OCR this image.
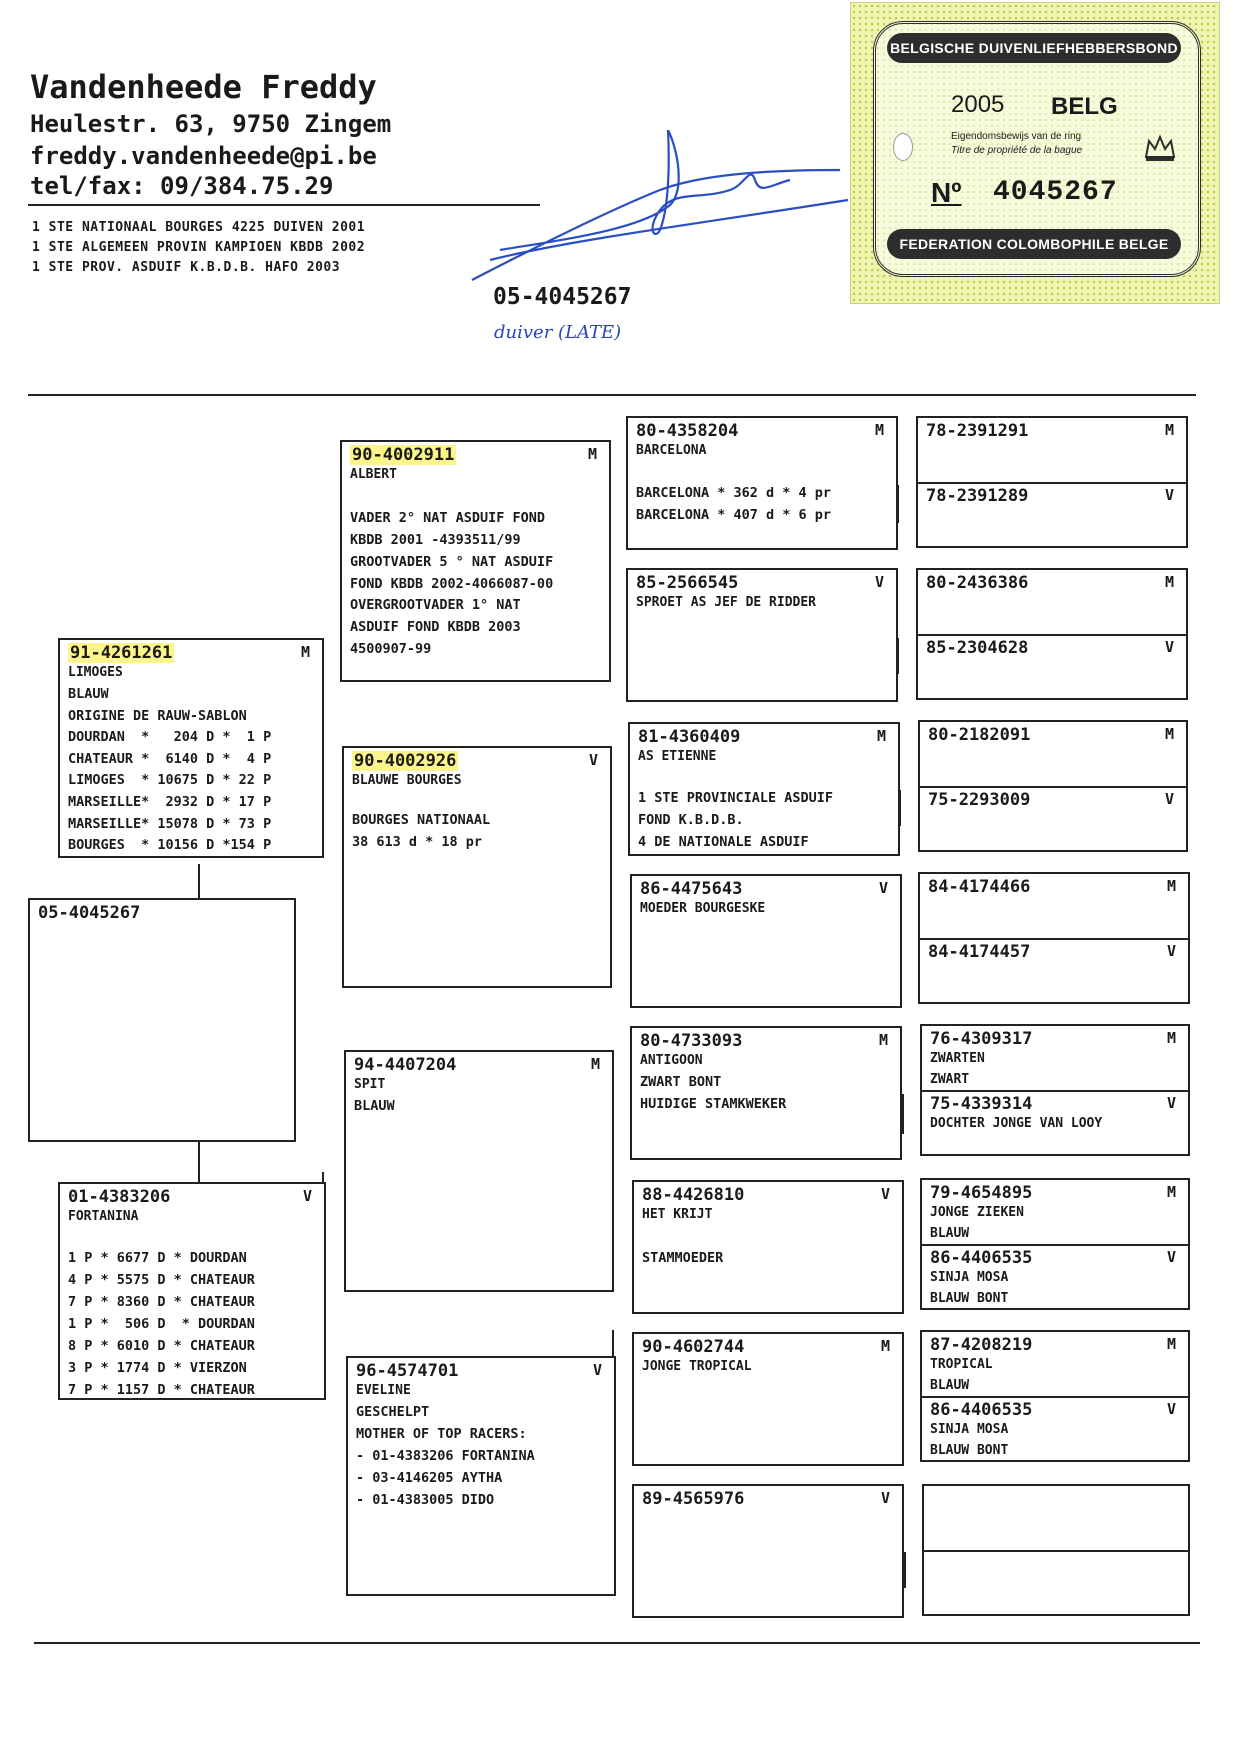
Vandenheede Freddy
Heulestr. 63, 9750 Zingem
freddy.vandenheede@pi.be
tel/fax: 09/384.75.29
1 STE NATIONAAL BOURGES 4225 DUIVEN 2001
1 STE ALGEMEEN PROVIN KAMPIOEN KBDB 2002
1 STE PROV. ASDUIF K.B.D.B. HAFO 2003
05-4045267
duiver (LATE)
BELGISCHE DUIVENLIEFHEBBERSBOND
2005 BELG
Eigendomsbewijs van de ring
Titre de propriété de la bague
Nº 4045267
FEDERATION COLOMBOPHILE BELGE
05-4045267
91-4261261	M
LIMOGES
BLAUW
ORIGINE DE RAUW-SABLON
DOURDAN  *   204 D *  1 P
CHATEAUR *  6140 D *  4 P
LIMOGES  * 10675 D * 22 P
MARSEILLE*  2932 D * 17 P
MARSEILLE* 15078 D * 73 P
BOURGES  * 10156 D *154 P
01-4383206	V
FORTANINA
1 P * 6677 D * DOURDAN
4 P * 5575 D * CHATEAUR
7 P * 8360 D * CHATEAUR
1 P *  506 D  * DOURDAN
8 P * 6010 D * CHATEAUR
3 P * 1774 D * VIERZON
7 P * 1157 D * CHATEAUR
90-4002911	M
ALBERT
VADER 2° NAT ASDUIF FOND
KBDB 2001 -4393511/99
GROOTVADER 5 ° NAT ASDUIF
FOND KBDB 2002-4066087-00
OVERGROOTVADER 1° NAT
ASDUIF FOND KBDB 2003
4500907-99
90-4002926	V
BLAUWE BOURGES
BOURGES NATIONAAL
38 613 d * 18 pr
94-4407204	M
SPIT
BLAUW
96-4574701	V
EVELINE
GESCHELPT
MOTHER OF TOP RACERS:
- 01-4383206 FORTANINA
- 03-4146205 AYTHA
- 01-4383005 DIDO
80-4358204	M
BARCELONA
BARCELONA * 362 d * 4 pr
BARCELONA * 407 d * 6 pr
85-2566545	V
SPROET AS JEF DE RIDDER
81-4360409	M
AS ETIENNE
1 STE PROVINCIALE ASDUIF
FOND K.B.D.B.
4 DE NATIONALE ASDUIF
86-4475643	V
MOEDER BOURGESKE
80-4733093	M
ANTIGOON
ZWART BONT
HUIDIGE STAMKWEKER
88-4426810	V
HET KRIJT
STAMMOEDER
90-4602744	M
JONGE TROPICAL
89-4565976	V
78-2391291	M
78-2391289	V
80-2436386	M
85-2304628	V
80-2182091	M
75-2293009	V
84-4174466	M
84-4174457	V
76-4309317	M
ZWARTEN
ZWART
75-4339314	V
DOCHTER JONGE VAN LOOY
79-4654895	M
JONGE ZIEKEN
BLAUW
86-4406535	V
SINJA MOSA
BLAUW BONT
87-4208219	M
TROPICAL
BLAUW
86-4406535	V
SINJA MOSA
BLAUW BONT
